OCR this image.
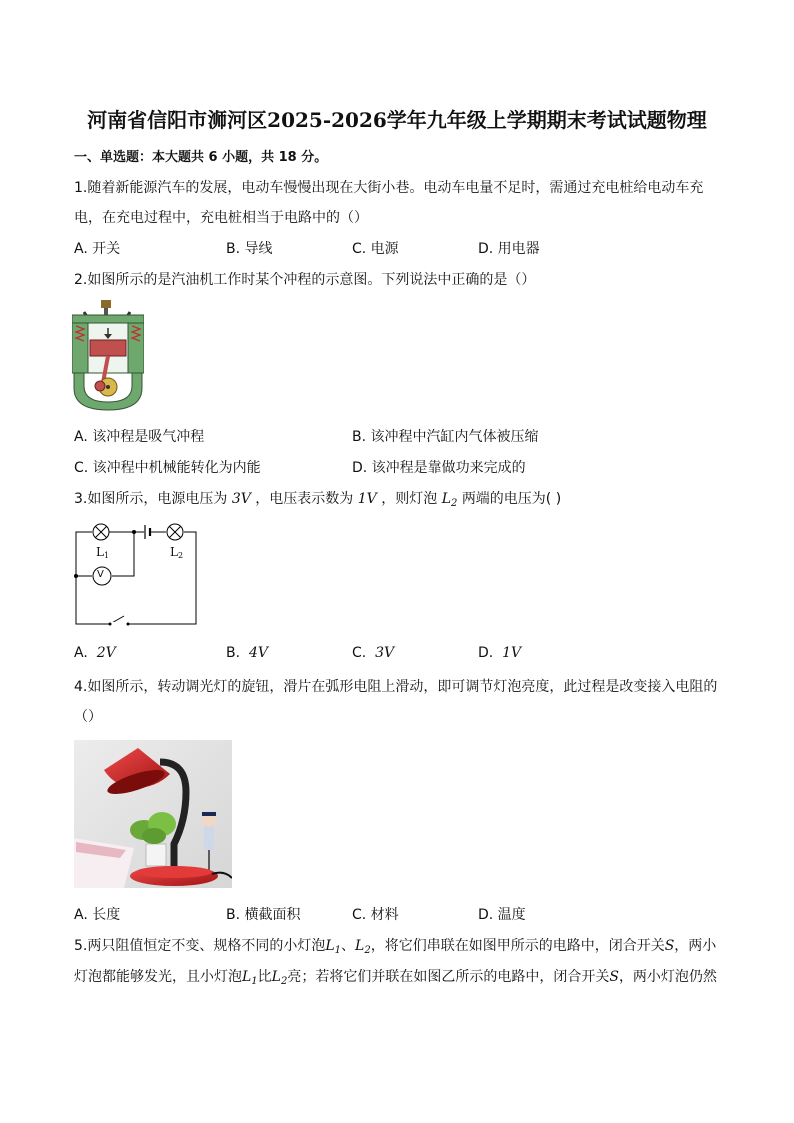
河南省信阳市浉河区2025-2026学年九年级上学期期末考试试题物理
一、单选题：本大题共 6 小题，共 18 分。
1.随着新能源汽车的发展，电动车慢慢出现在大街小巷。电动车电量不足时，需通过充电桩给电动车充
电，在充电过程中，充电桩相当于电路中的（）
A. 开关	B. 导线	C. 电源	D. 用电器
2.如图所示的是汽油机工作时某个冲程的示意图。下列说法中正确的是（）
A. 该冲程是吸气冲程	B. 该冲程中汽缸内气体被压缩
C. 该冲程中机械能转化为内能	D. 该冲程是靠做功来完成的
3.如图所示，电源电压为 3V ，电压表示数为 1V ，则灯泡 $L_2$ 两端的电压为( )
L1	L2
V
A. 2V	B. 4V	C. 3V	D. 1V
4.如图所示，转动调光灯的旋钮，滑片在弧形电阻上滑动，即可调节灯泡亮度，此过程是改变接入电阻的
（）
A. 长度	B. 横截面积	C. 材料	D. 温度
5.两只阻值恒定不变、规格不同的小灯泡$L_1$、$L_2$，将它们串联在如图甲所示的电路中，闭合开关S，两小
灯泡都能够发光，且小灯泡$L_1$比$L_2$亮；若将它们并联在如图乙所示的电路中，闭合开关S，两小灯泡仍然
